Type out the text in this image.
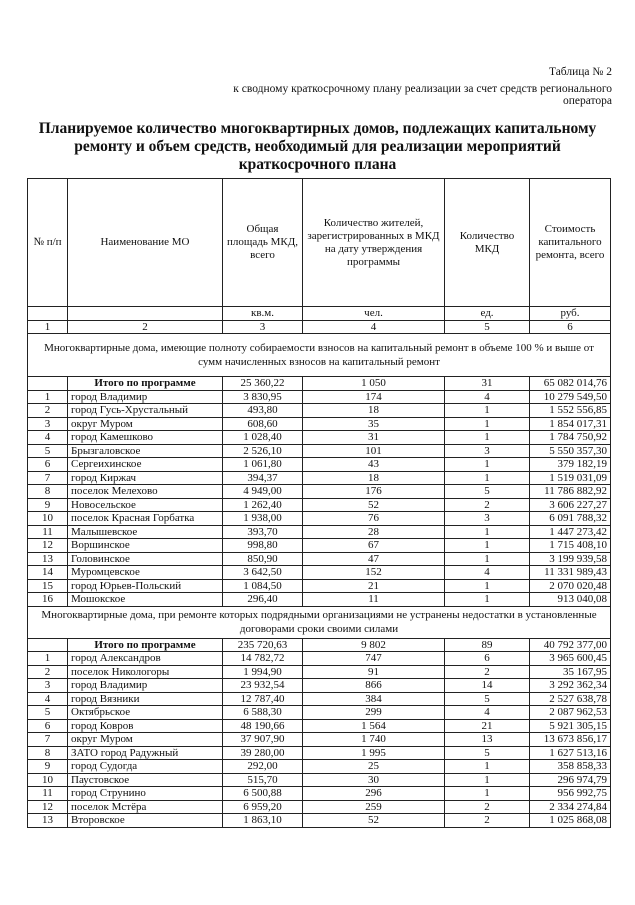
Таблица № 2
к сводному краткосрочному плану реализации за счет средств регионального оператора
Планируемое количество многоквартирных домов, подлежащих капитальному ремонту и объем средств, необходимый для реализации мероприятий краткосрочного плана
№ п/п	Наименование МО	Общая площадь МКД, всего	Количество жителей, зарегистрированных в МКД на дату утверждения программы	Количество МКД	Стоимость капитального ремонта, всего
		кв.м.	чел.	ед.	руб.
1	2	3	4	5	6
Многоквартирные дома, имеющие полноту собираемости взносов на капитальный ремонт в объеме 100 % и выше от сумм начисленных взносов на капитальный ремонт					
	Итого по программе	25 360,22	1 050	31	65 082 014,76
1	город Владимир	3 830,95	174	4	10 279 549,50
2	город Гусь-Хрустальный	493,80	18	1	1 552 556,85
3	округ Муром	608,60	35	1	1 854 017,31
4	город Камешково	1 028,40	31	1	1 784 750,92
5	Брызгаловское	2 526,10	101	3	5 550 357,30
6	Сергеихинское	1 061,80	43	1	379 182,19
7	город Киржач	394,37	18	1	1 519 031,09
8	поселок Мелехово	4 949,00	176	5	11 786 882,92
9	Новосельское	1 262,40	52	2	3 606 227,27
10	поселок Красная Горбатка	1 938,00	76	3	6 091 788,32
11	Малышевское	393,70	28	1	1 447 273,42
12	Воршинское	998,80	67	1	1 715 408,10
13	Головинское	850,90	47	1	3 199 939,58
14	Муромцевское	3 642,50	152	4	11 331 989,43
15	город Юрьев-Польский	1 084,50	21	1	2 070 020,48
16	Мошокское	296,40	11	1	913 040,08
Многоквартирные дома, при ремонте которых подрядными организациями не устранены недостатки в установленные договорами сроки своими силами					
	Итого по программе	235 720,63	9 802	89	40 792 377,00
1	город Александров	14 782,72	747	6	3 965 600,45
2	поселок Никологоры	1 994,90	91	2	35 167,95
3	город Владимир	23 932,54	866	14	3 292 362,34
4	город Вязники	12 787,40	384	5	2 527 638,78
5	Октябрьское	6 588,30	299	4	2 087 962,53
6	город Ковров	48 190,66	1 564	21	5 921 305,15
7	округ Муром	37 907,90	1 740	13	13 673 856,17
8	ЗАТО город Радужный	39 280,00	1 995	5	1 627 513,16
9	город Судогда	292,00	25	1	358 858,33
10	Паустовское	515,70	30	1	296 974,79
11	город Струнино	6 500,88	296	1	956 992,75
12	поселок Мстёра	6 959,20	259	2	2 334 274,84
13	Второвское	1 863,10	52	2	1 025 868,08
